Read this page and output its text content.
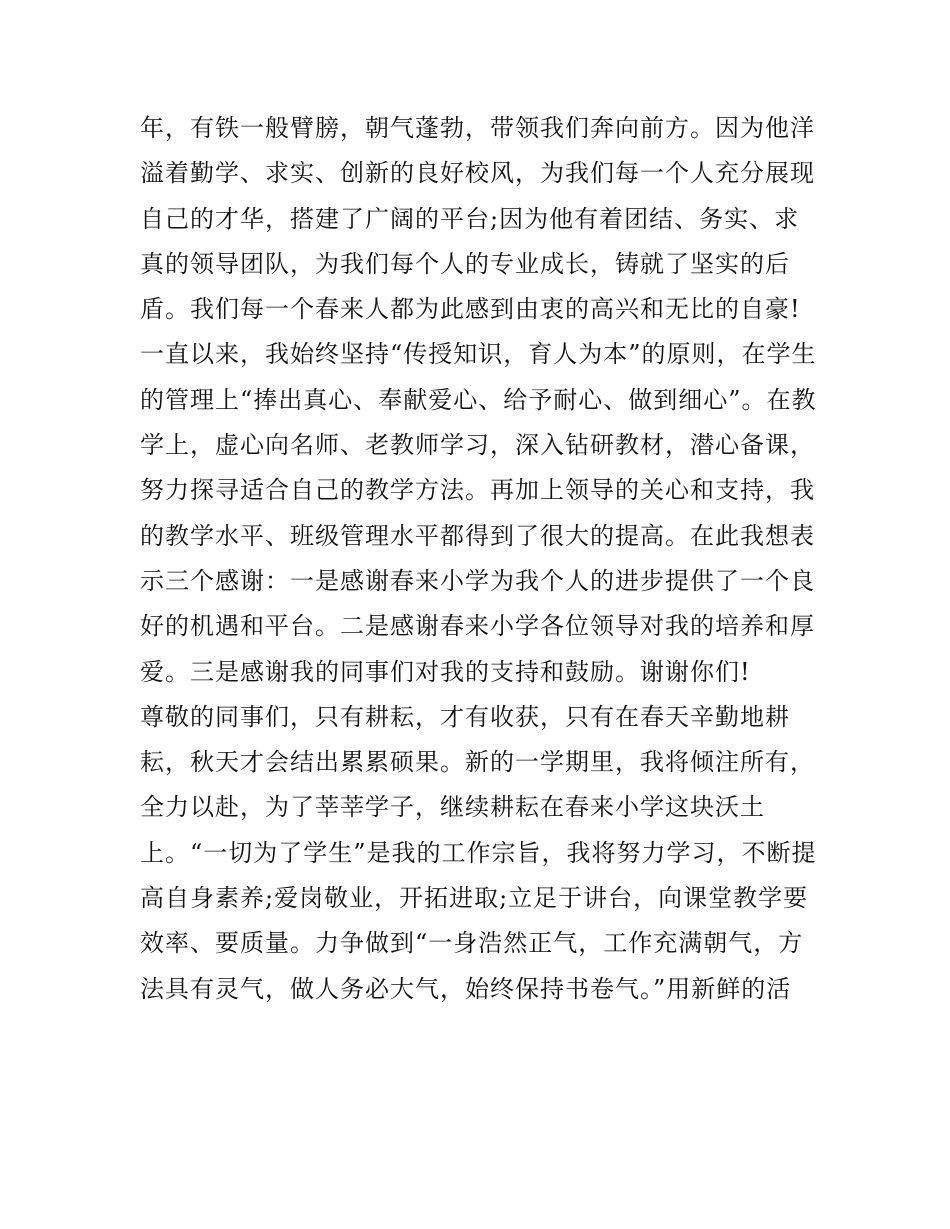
年，有铁一般臂膀，朝气蓬勃，带领我们奔向前方。因为他洋
溢着勤学、求实、创新的良好校风，为我们每一个人充分展现
自己的才华，搭建了广阔的平台;因为他有着团结、务实、求
真的领导团队，为我们每个人的专业成长，铸就了坚实的后
盾。我们每一个春来人都为此感到由衷的高兴和无比的自豪!
一直以来，我始终坚持“传授知识，育人为本”的原则，在学生
的管理上“捧出真心、奉献爱心、给予耐心、做到细心”。在教
学上，虚心向名师、老教师学习，深入钻研教材，潜心备课，
努力探寻适合自己的教学方法。再加上领导的关心和支持，我
的教学水平、班级管理水平都得到了很大的提高。在此我想表
示三个感谢：一是感谢春来小学为我个人的进步提供了一个良
好的机遇和平台。二是感谢春来小学各位领导对我的培养和厚
爱。三是感谢我的同事们对我的支持和鼓励。谢谢你们!
尊敬的同事们，只有耕耘，才有收获，只有在春天辛勤地耕
耘，秋天才会结出累累硕果。新的一学期里，我将倾注所有，
全力以赴，为了莘莘学子，继续耕耘在春来小学这块沃土
上。“一切为了学生”是我的工作宗旨，我将努力学习，不断提
高自身素养;爱岗敬业，开拓进取;立足于讲台，向课堂教学要
效率、要质量。力争做到“一身浩然正气，工作充满朝气，方
法具有灵气，做人务必大气，始终保持书卷气。”用新鲜的活
